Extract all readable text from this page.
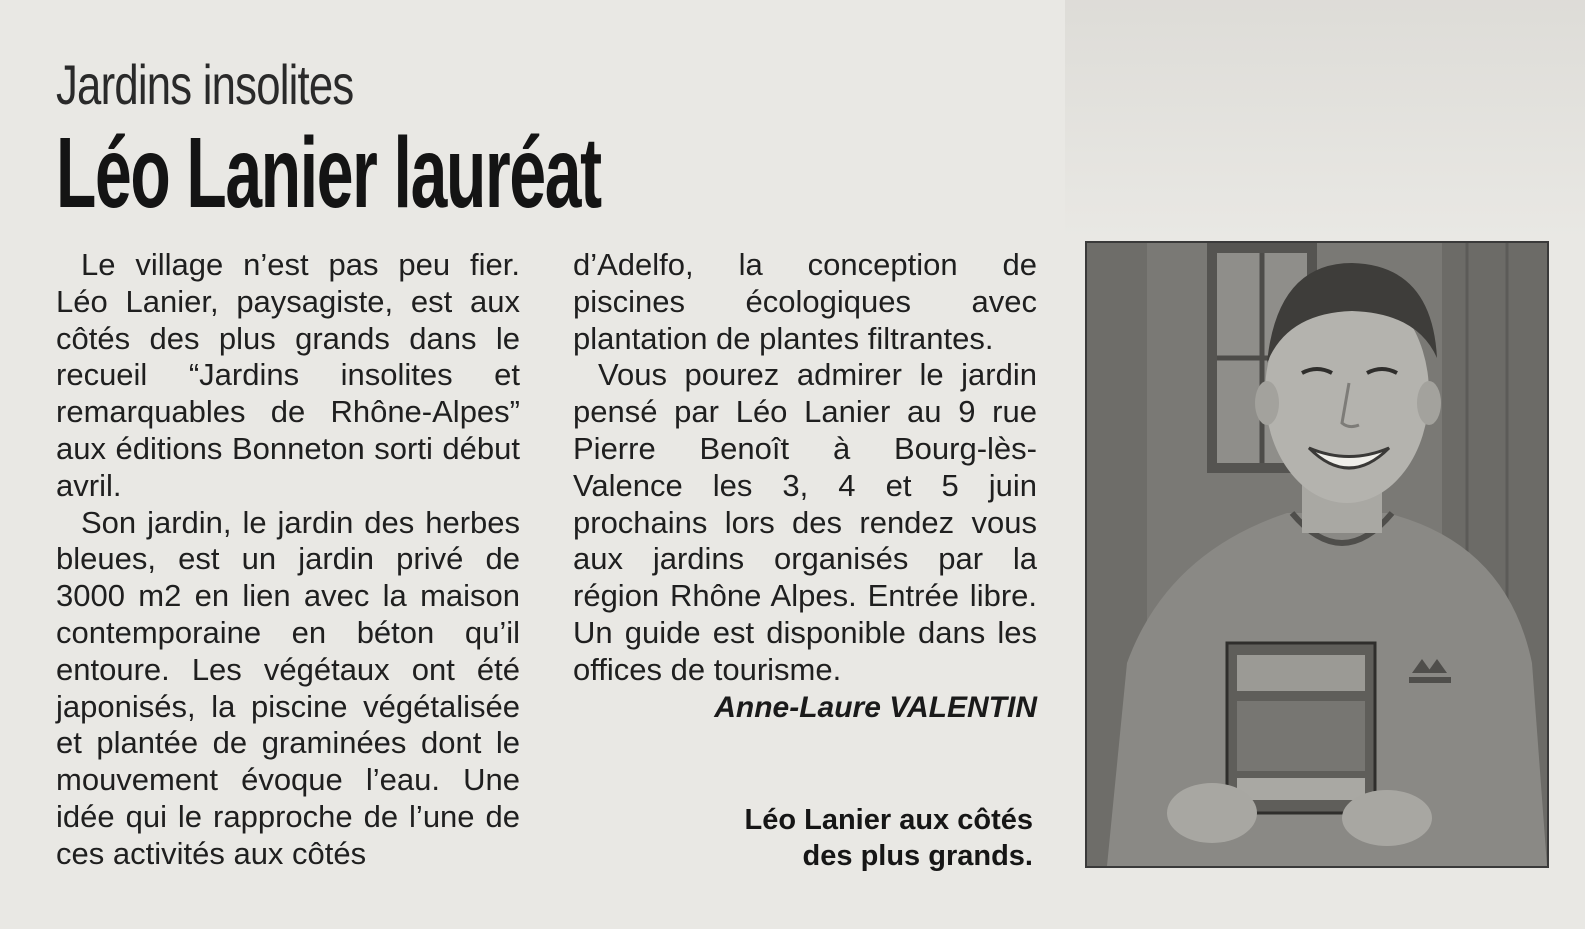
Jardins insolites
Léo Lanier lauréat

Le village n’est pas peu fier. Léo Lanier, paysagiste, est aux côtés des plus grands dans le recueil “Jardins insolites et remarquables de Rhône-Alpes” aux éditions Bonneton sorti début avril.

Son jardin, le jardin des herbes bleues, est un jardin privé de 3000 m2 en lien avec la maison contemporaine en béton qu’il entoure. Les végétaux ont été japonisés, la piscine végétalisée et plantée de graminées dont le mouvement évoque l’eau. Une idée qui le rapproche de l’une de ces activités aux côtés

d’Adelfo, la conception de piscines écologiques avec plantation de plantes filtrantes.

Vous pourez admirer le jardin pensé par Léo Lanier au 9 rue Pierre Benoît à Bourg-lès-Valence les 3, 4 et 5 juin prochains lors des rendez vous aux jardins organisés par la région Rhône Alpes. Entrée libre. Un guide est disponible dans les offices de tourisme.

Anne-Laure VALENTIN
Léo Lanier aux côtés
des plus grands.
